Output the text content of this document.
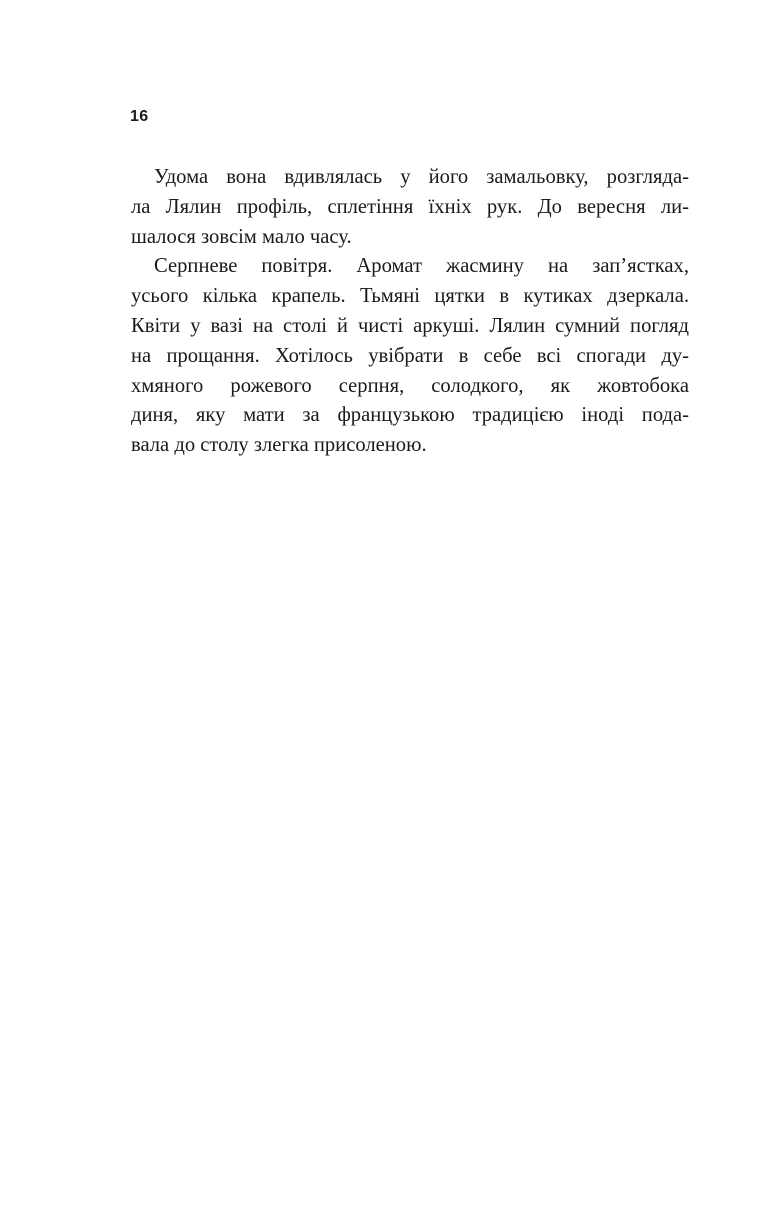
16

Удома вона вдивлялась у його замальовку, розгляда-
ла Лялин профіль, сплетіння їхніх рук. До вересня ли-
шалося зовсім мало часу.

Серпневе повітря. Аромат жасмину на зап’ястках,
усього кілька крапель. Тьмяні цятки в кутиках дзеркала.
Квіти у вазі на столі й чисті аркуші. Лялин сумний погляд
на прощання. Хотілось увібрати в себе всі спогади ду-
хмяного рожевого серпня, солодкого, як жовтобока
диня, яку мати за французькою традицією іноді пода-
вала до столу злегка присоленою.
